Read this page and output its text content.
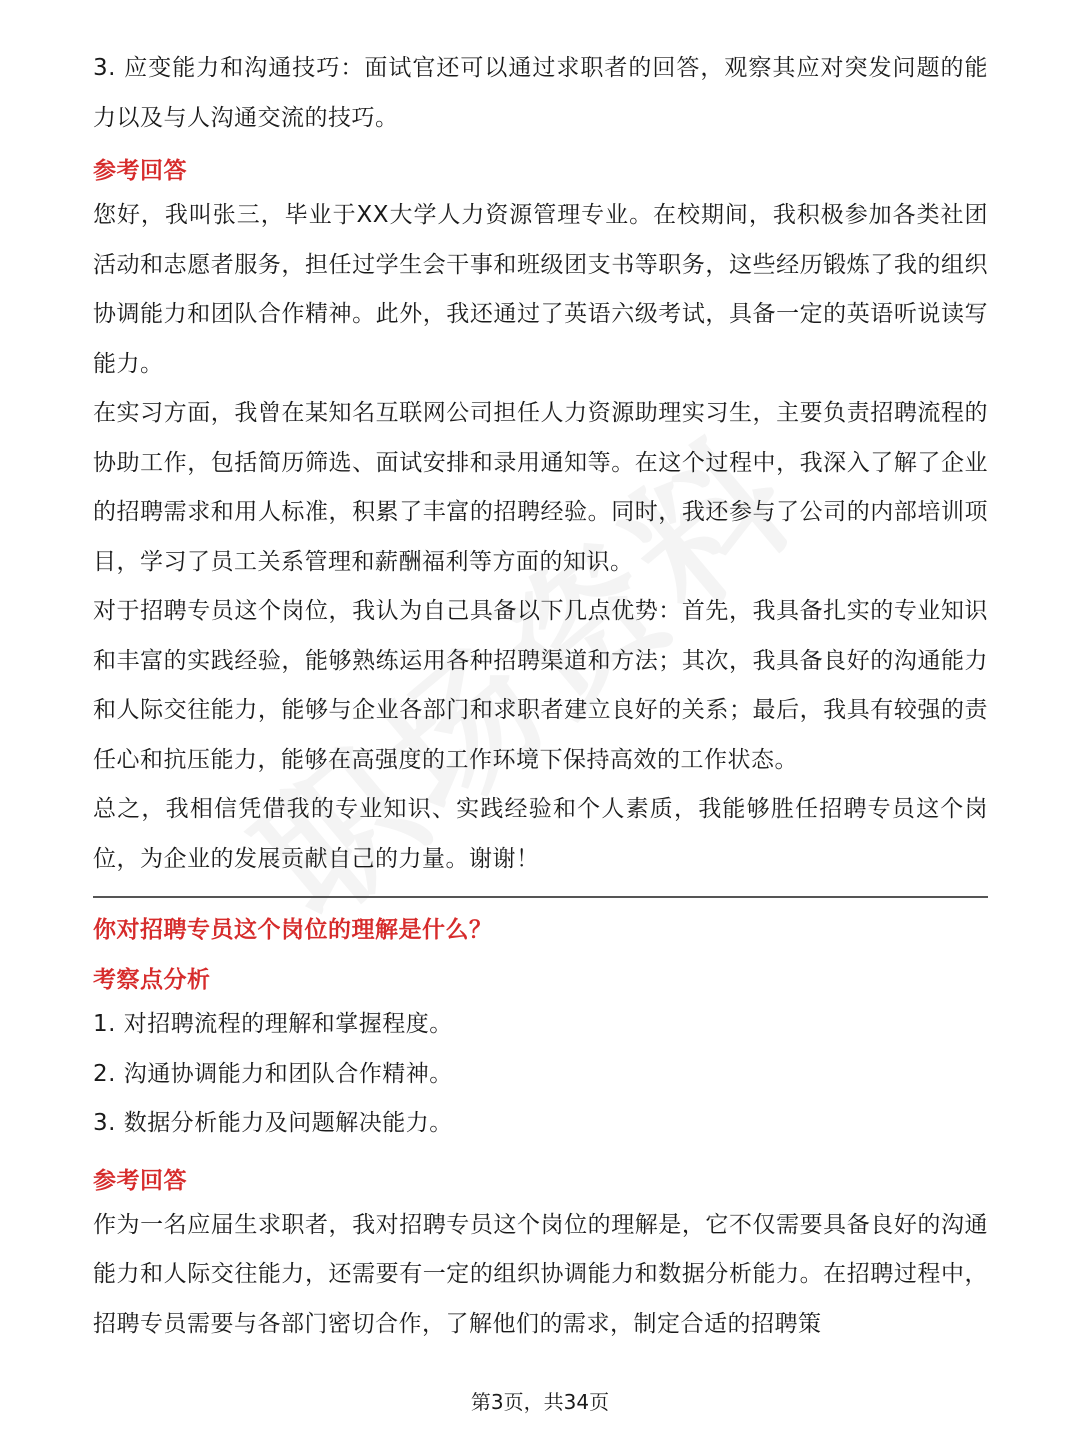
3. 应变能力和沟通技巧：面试官还可以通过求职者的回答，观察其应对突发问题的能力以及与人沟通交流的技巧。

参考回答

您好，我叫张三，毕业于XX大学人力资源管理专业。在校期间，我积极参加各类社团活动和志愿者服务，担任过学生会干事和班级团支书等职务，这些经历锻炼了我的组织协调能力和团队合作精神。此外，我还通过了英语六级考试，具备一定的英语听说读写能力。

在实习方面，我曾在某知名互联网公司担任人力资源助理实习生，主要负责招聘流程的协助工作，包括简历筛选、面试安排和录用通知等。在这个过程中，我深入了解了企业的招聘需求和用人标准，积累了丰富的招聘经验。同时，我还参与了公司的内部培训项目，学习了员工关系管理和薪酬福利等方面的知识。

对于招聘专员这个岗位，我认为自己具备以下几点优势：首先，我具备扎实的专业知识和丰富的实践经验，能够熟练运用各种招聘渠道和方法；其次，我具备良好的沟通能力和人际交往能力，能够与企业各部门和求职者建立良好的关系；最后，我具有较强的责任心和抗压能力，能够在高强度的工作环境下保持高效的工作状态。

总之，我相信凭借我的专业知识、实践经验和个人素质，我能够胜任招聘专员这个岗位，为企业的发展贡献自己的力量。谢谢！

你对招聘专员这个岗位的理解是什么？
考察点分析

1. 对招聘流程的理解和掌握程度。

2. 沟通协调能力和团队合作精神。

3. 数据分析能力及问题解决能力。

参考回答

作为一名应届生求职者，我对招聘专员这个岗位的理解是，它不仅需要具备良好的沟通能力和人际交往能力，还需要有一定的组织协调能力和数据分析能力。在招聘过程中，招聘专员需要与各部门密切合作，了解他们的需求，制定合适的招聘策

第3页，共34页
